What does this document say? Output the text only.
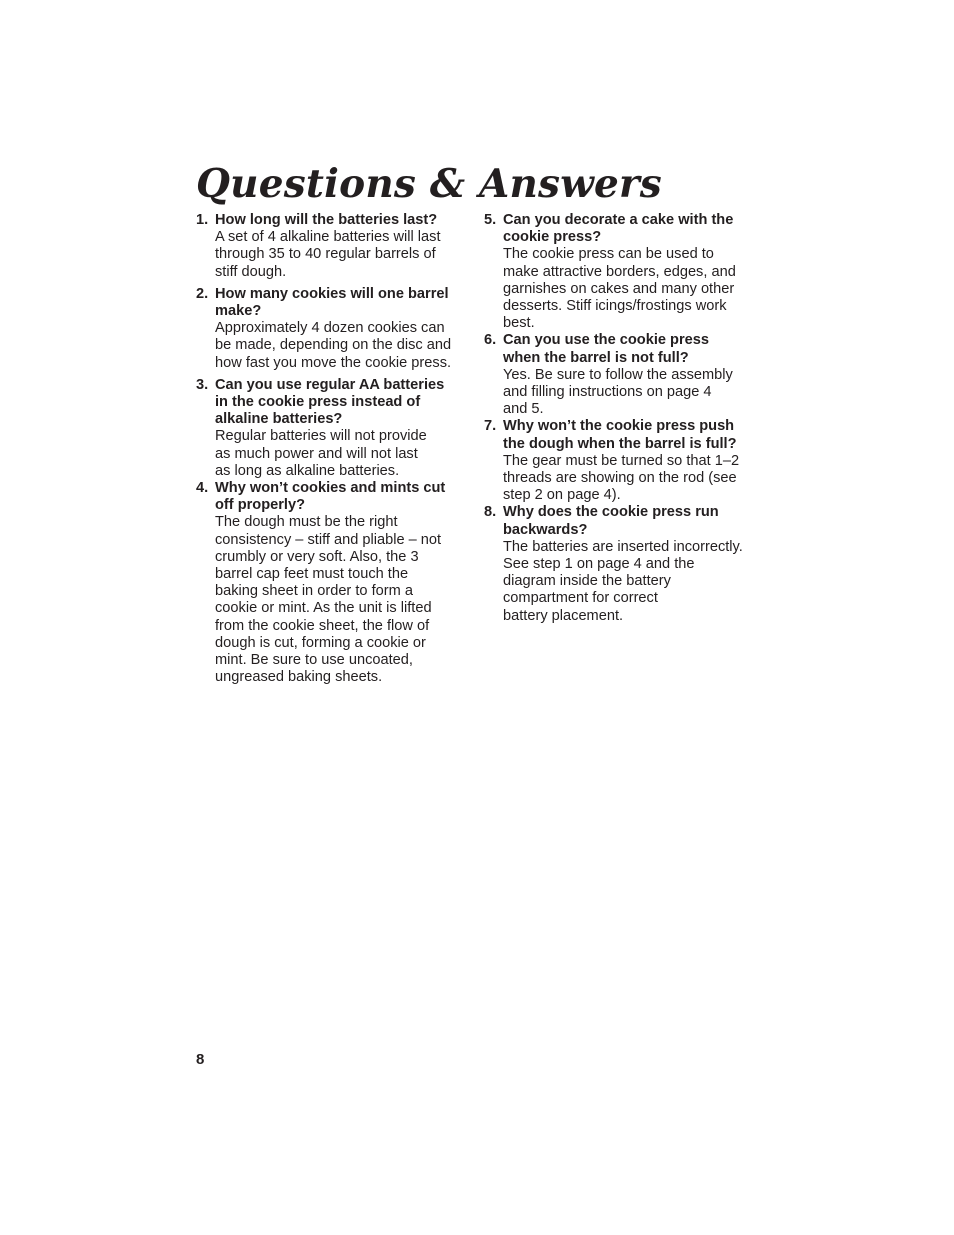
Questions & Answers
1. How long will the batteries last?
A set of 4 alkaline batteries will last
through 35 to 40 regular barrels of
stiff dough.
2. How many cookies will one barrel
make?
Approximately 4 dozen cookies can
be made, depending on the disc and
how fast you move the cookie press.
3. Can you use regular AA batteries
in the cookie press instead of
alkaline batteries?
Regular batteries will not provide
as much power and will not last
as long as alkaline batteries.
4. Why won’t cookies and mints cut
off properly?
The dough must be the right
consistency – stiff and pliable – not
crumbly or very soft. Also, the 3
barrel cap feet must touch the
baking sheet in order to form a
cookie or mint. As the unit is lifted
from the cookie sheet, the flow of
dough is cut, forming a cookie or
mint. Be sure to use uncoated,
ungreased baking sheets.
5. Can you decorate a cake with the
cookie press?
The cookie press can be used to
make attractive borders, edges, and
garnishes on cakes and many other
desserts. Stiff icings/frostings work
best.
6. Can you use the cookie press
when the barrel is not full?
Yes. Be sure to follow the assembly
and filling instructions on page 4
and 5.
7. Why won’t the cookie press push
the dough when the barrel is full?
The gear must be turned so that 1–2
threads are showing on the rod (see
step 2 on page 4).
8. Why does the cookie press run
backwards?
The batteries are inserted incorrectly.
See step 1 on page 4 and the
diagram inside the battery
compartment for correct
battery placement.
8
